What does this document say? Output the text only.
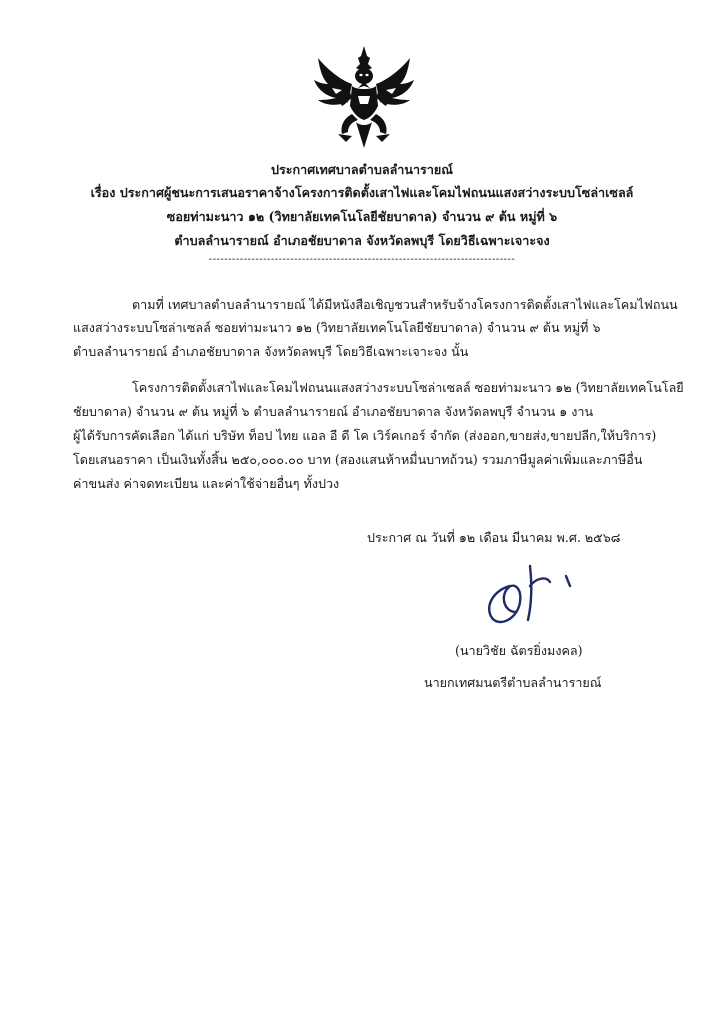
ประกาศเทศบาลตำบลลำนารายณ์
เรื่อง ประกาศผู้ชนะการเสนอราคาจ้างโครงการติดตั้งเสาไฟและโคมไฟถนนแสงสว่างระบบโซล่าเซลล์
ซอยท่ามะนาว ๑๒ (วิทยาลัยเทคโนโลยีชัยบาดาล) จำนวน ๙ ต้น หมู่ที่ ๖
ตำบลลำนารายณ์ อำเภอชัยบาดาล จังหวัดลพบุรี โดยวิธีเฉพาะเจาะจง
-------------------------------------------------------------------------------
ตามที่ เทศบาลตำบลลำนารายณ์ ได้มีหนังสือเชิญชวนสำหรับจ้างโครงการติดตั้งเสาไฟและโคมไฟถนน
แสงสว่างระบบโซล่าเซลล์ ซอยท่ามะนาว ๑๒ (วิทยาลัยเทคโนโลยีชัยบาดาล) จำนวน ๙ ต้น หมู่ที่ ๖
ตำบลลำนารายณ์ อำเภอชัยบาดาล จังหวัดลพบุรี โดยวิธีเฉพาะเจาะจง นั้น
โครงการติดตั้งเสาไฟและโคมไฟถนนแสงสว่างระบบโซล่าเซลล์ ซอยท่ามะนาว ๑๒ (วิทยาลัยเทคโนโลยี
ชัยบาดาล) จำนวน ๙ ต้น หมู่ที่ ๖ ตำบลลำนารายณ์ อำเภอชัยบาดาล จังหวัดลพบุรี จำนวน ๑ งาน
ผู้ได้รับการคัดเลือก ได้แก่ บริษัท ท็อป ไทย แอล อี ดี โค เวิร์คเกอร์ จำกัด (ส่งออก,ขายส่ง,ขายปลีก,ให้บริการ)
โดยเสนอราคา เป็นเงินทั้งสิ้น ๒๕๐,๐๐๐.๐๐ บาท (สองแสนห้าหมื่นบาทถ้วน) รวมภาษีมูลค่าเพิ่มและภาษีอื่น
ค่าขนส่ง ค่าจดทะเบียน และค่าใช้จ่ายอื่นๆ ทั้งปวง
ประกาศ ณ วันที่ ๑๒ เดือน มีนาคม พ.ศ. ๒๕๖๘
(นายวิชัย ฉัตรยิ่งมงคล)
นายกเทศมนตรีตำบลลำนารายณ์
